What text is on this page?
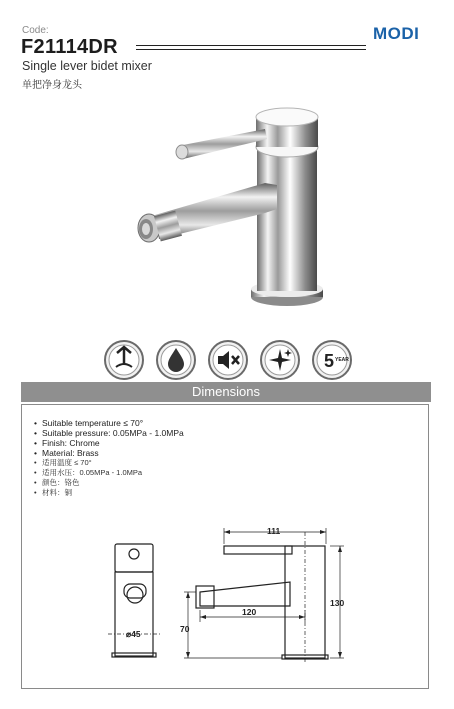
Code:
F21114DR
MODI
Single lever bidet mixer
单把净身龙头
5 YEAR
Dimensions
• Suitable temperature ≤ 70°
• Suitable pressure: 0.05MPa - 1.0MPa
• Finish: Chrome
• Material: Brass
• 适用温度 ≤ 70°
• 适用水压：0.05MPa - 1.0MPa
• 颜色：铬色
• 材料：铜
111
120
130
70
⌀45
